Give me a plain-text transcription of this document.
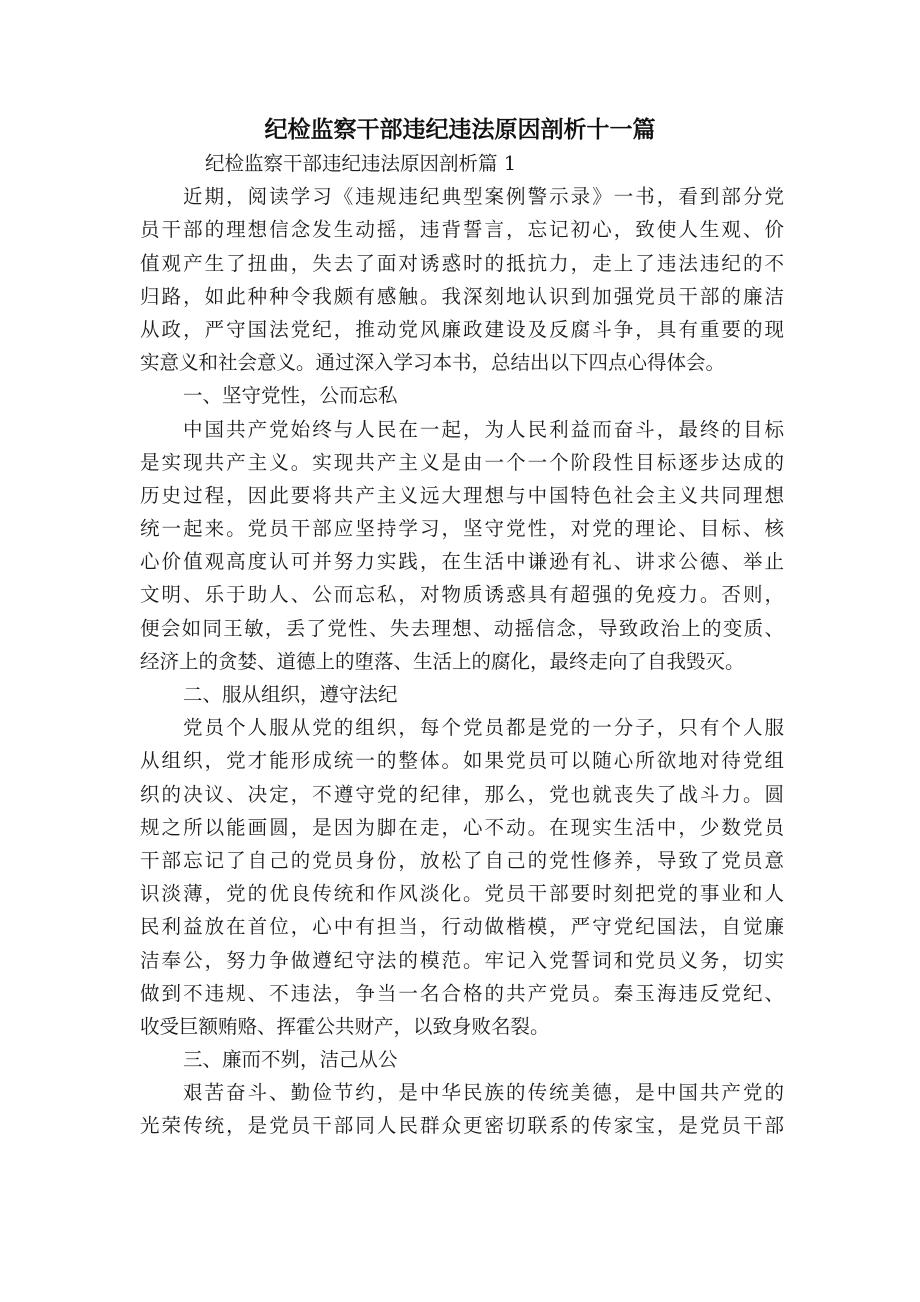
纪检监察干部违纪违法原因剖析十一篇
纪检监察干部违纪违法原因剖析篇 1
近期，阅读学习《违规违纪典型案例警示录》一书，看到部分党
员干部的理想信念发生动摇，违背誓言，忘记初心，致使人生观、价
值观产生了扭曲，失去了面对诱惑时的抵抗力，走上了违法违纪的不
归路，如此种种令我颇有感触。我深刻地认识到加强党员干部的廉洁
从政，严守国法党纪，推动党风廉政建设及反腐斗争，具有重要的现
实意义和社会意义。通过深入学习本书，总结出以下四点心得体会。
一、坚守党性，公而忘私
中国共产党始终与人民在一起，为人民利益而奋斗，最终的目标
是实现共产主义。实现共产主义是由一个一个阶段性目标逐步达成的
历史过程，因此要将共产主义远大理想与中国特色社会主义共同理想
统一起来。党员干部应坚持学习，坚守党性，对党的理论、目标、核
心价值观高度认可并努力实践，在生活中谦逊有礼、讲求公德、举止
文明、乐于助人、公而忘私，对物质诱惑具有超强的免疫力。否则，
便会如同王敏，丢了党性、失去理想、动摇信念，导致政治上的变质、
经济上的贪婪、道德上的堕落、生活上的腐化，最终走向了自我毁灭。
二、服从组织，遵守法纪
党员个人服从党的组织，每个党员都是党的一分子，只有个人服
从组织，党才能形成统一的整体。如果党员可以随心所欲地对待党组
织的决议、决定，不遵守党的纪律，那么，党也就丧失了战斗力。圆
规之所以能画圆，是因为脚在走，心不动。在现实生活中，少数党员
干部忘记了自己的党员身份，放松了自己的党性修养，导致了党员意
识淡薄，党的优良传统和作风淡化。党员干部要时刻把党的事业和人
民利益放在首位，心中有担当，行动做楷模，严守党纪国法，自觉廉
洁奉公，努力争做遵纪守法的模范。牢记入党誓词和党员义务，切实
做到不违规、不违法，争当一名合格的共产党员。秦玉海违反党纪、
收受巨额贿赂、挥霍公共财产，以致身败名裂。
三、廉而不刿，洁己从公
艰苦奋斗、勤俭节约，是中华民族的传统美德，是中国共产党的
光荣传统，是党员干部同人民群众更密切联系的传家宝，是党员干部
